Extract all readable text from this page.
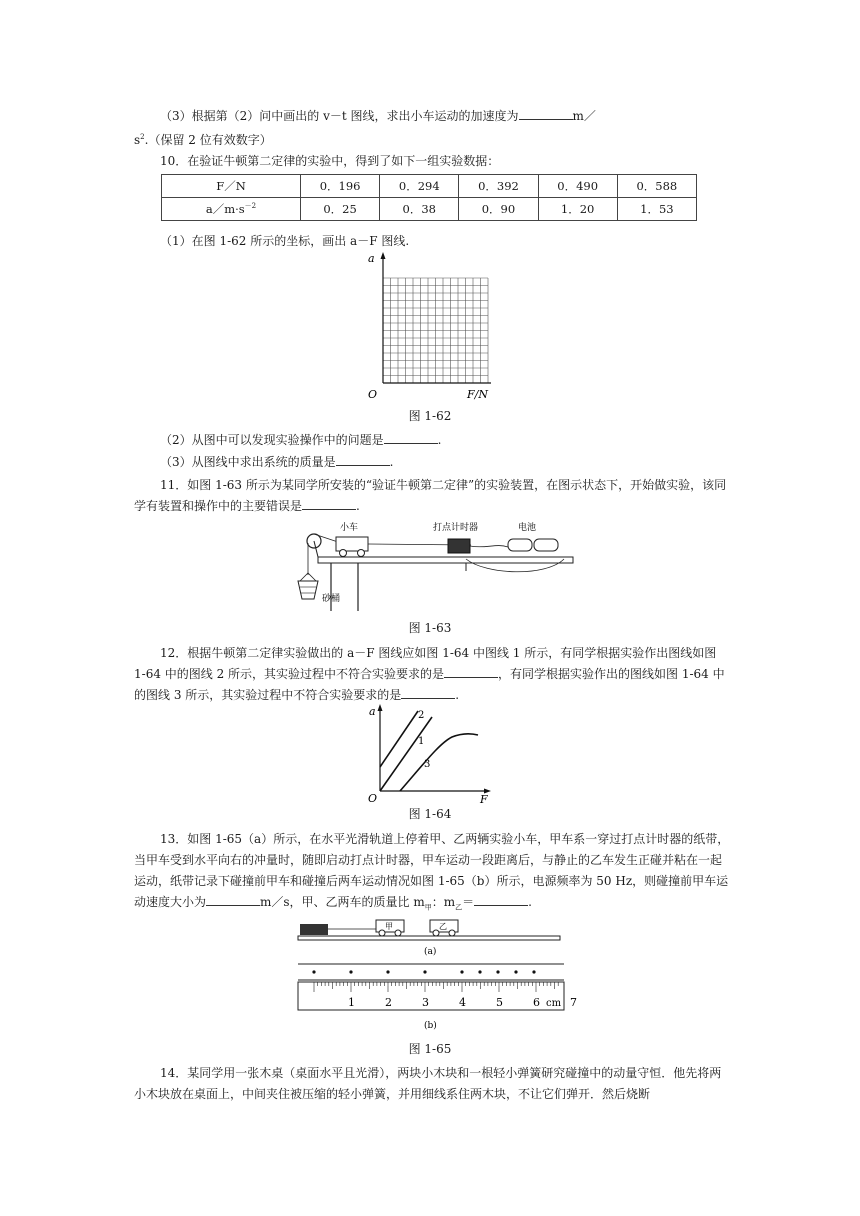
（3）根据第（2）问中画出的 v－t 图线，求出小车运动的加速度为	$m/s^2$.（保留 2 位有效数字）

10．在验证牛顿第二定律的实验中，得到了如下一组实验数据：

F／N	0．196	0．294	0．392	0．490	0．588
$a/m\cdot s^{-2}$	0．25	0．38	0．90	1．20	1．53

（1）在图 1-62 所示的坐标，画出 a－F 图线.

a
O	F/N
图 1-62

（2）从图中可以发现实验操作中的问题是	.

（3）从图线中求出系统的质量是	.

11．如图 1-63 所示为某同学所安装的“验证牛顿第二定律”的实验装置，在图示状态下，开始做实验，该同学有装置和操作中的主要错误是	.

小车	打点计时器	电池
砂桶
图 1-63

12．根据牛顿第二定律实验做出的 a－F 图线应如图 1-64 中图线 1 所示，有同学根据实验作出图线如图 1-64 中的图线 2 所示，其实验过程中不符合实验要求的是	，有同学根据实验作出的图线如图 1-64 中的图线 3 所示，其实验过程中不符合实验要求的是	.

a
O	F
2
1
3
图 1-64

13．如图 1-65（a）所示，在水平光滑轨道上停着甲、乙两辆实验小车，甲车系一穿过打点计时器的纸带，当甲车受到水平向右的冲量时，随即启动打点计时器，甲车运动一段距离后，与静止的乙车发生正碰并粘在一起运动，纸带记录下碰撞前甲车和碰撞后两车运动情况如图 1-65（b）所示，电源频率为 50 Hz，则碰撞前甲车运动速度大小为	m／s，甲、乙两车的质量比 $m_甲$：$m_乙=$	.

甲	乙
(a)
1	2	3	4	5	6	7
cm
(b)
图 1-65

14．某同学用一张木桌（桌面水平且光滑），两块小木块和一根轻小弹簧研究碰撞中的动量守恒．他先将两小木块放在桌面上，中间夹住被压缩的轻小弹簧，并用细线系住两木块，不让它们弹开．然后烧断
